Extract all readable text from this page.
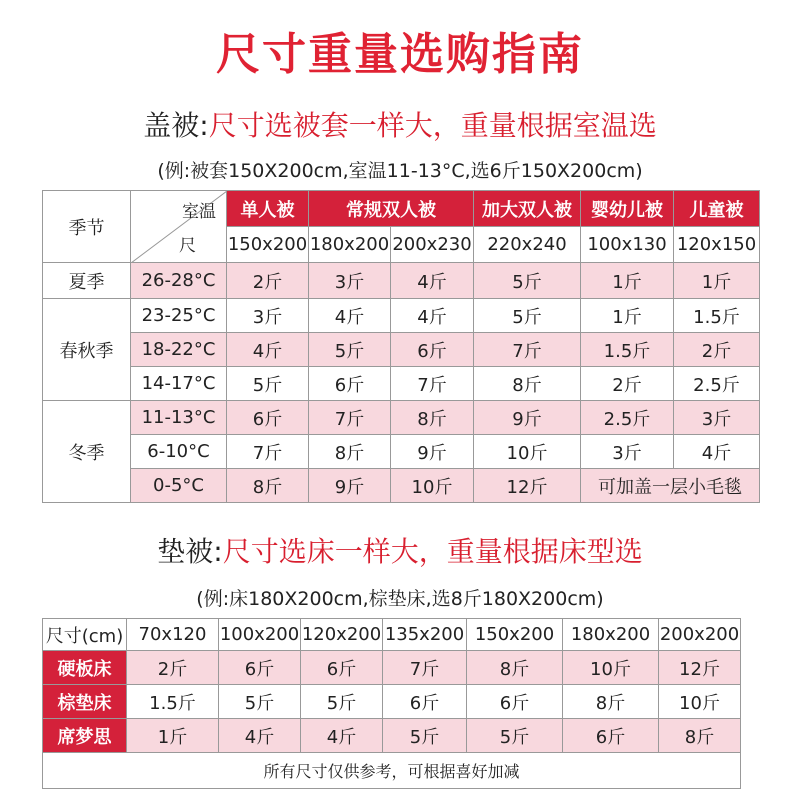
尺寸重量选购指南
盖被:尺寸选被套一样大，重量根据室温选
(例:被套150X200cm,室温11-13°C,选6斤150X200cm)
季节	室温
尺	单人被	常规双人被		加大双人被	婴幼儿被	儿童被
		150x200	180x200	200x230	220x240	100x130	120x150
夏季	26-28°C	2斤	3斤	4斤	5斤	1斤	1斤
春秋季	23-25°C	3斤	4斤	4斤	5斤	1斤	1.5斤
	18-22°C	4斤	5斤	6斤	7斤	1.5斤	2斤
	14-17°C	5斤	6斤	7斤	8斤	2斤	2.5斤
冬季	11-13°C	6斤	7斤	8斤	9斤	2.5斤	3斤
	6-10°C	7斤	8斤	9斤	10斤	3斤	4斤
	0-5°C	8斤	9斤	10斤	12斤	可加盖一层小毛毯	
垫被:尺寸选床一样大，重量根据床型选
(例:床180X200cm,棕垫床,选8斤180X200cm)
尺寸(cm)	70x120	100x200	120x200	135x200	150x200	180x200	200x200
硬板床	2斤	6斤	6斤	7斤	8斤	10斤	12斤
棕垫床	1.5斤	5斤	5斤	6斤	6斤	8斤	10斤
席梦思	1斤	4斤	4斤	5斤	5斤	6斤	8斤
所有尺寸仅供参考，可根据喜好加减							
